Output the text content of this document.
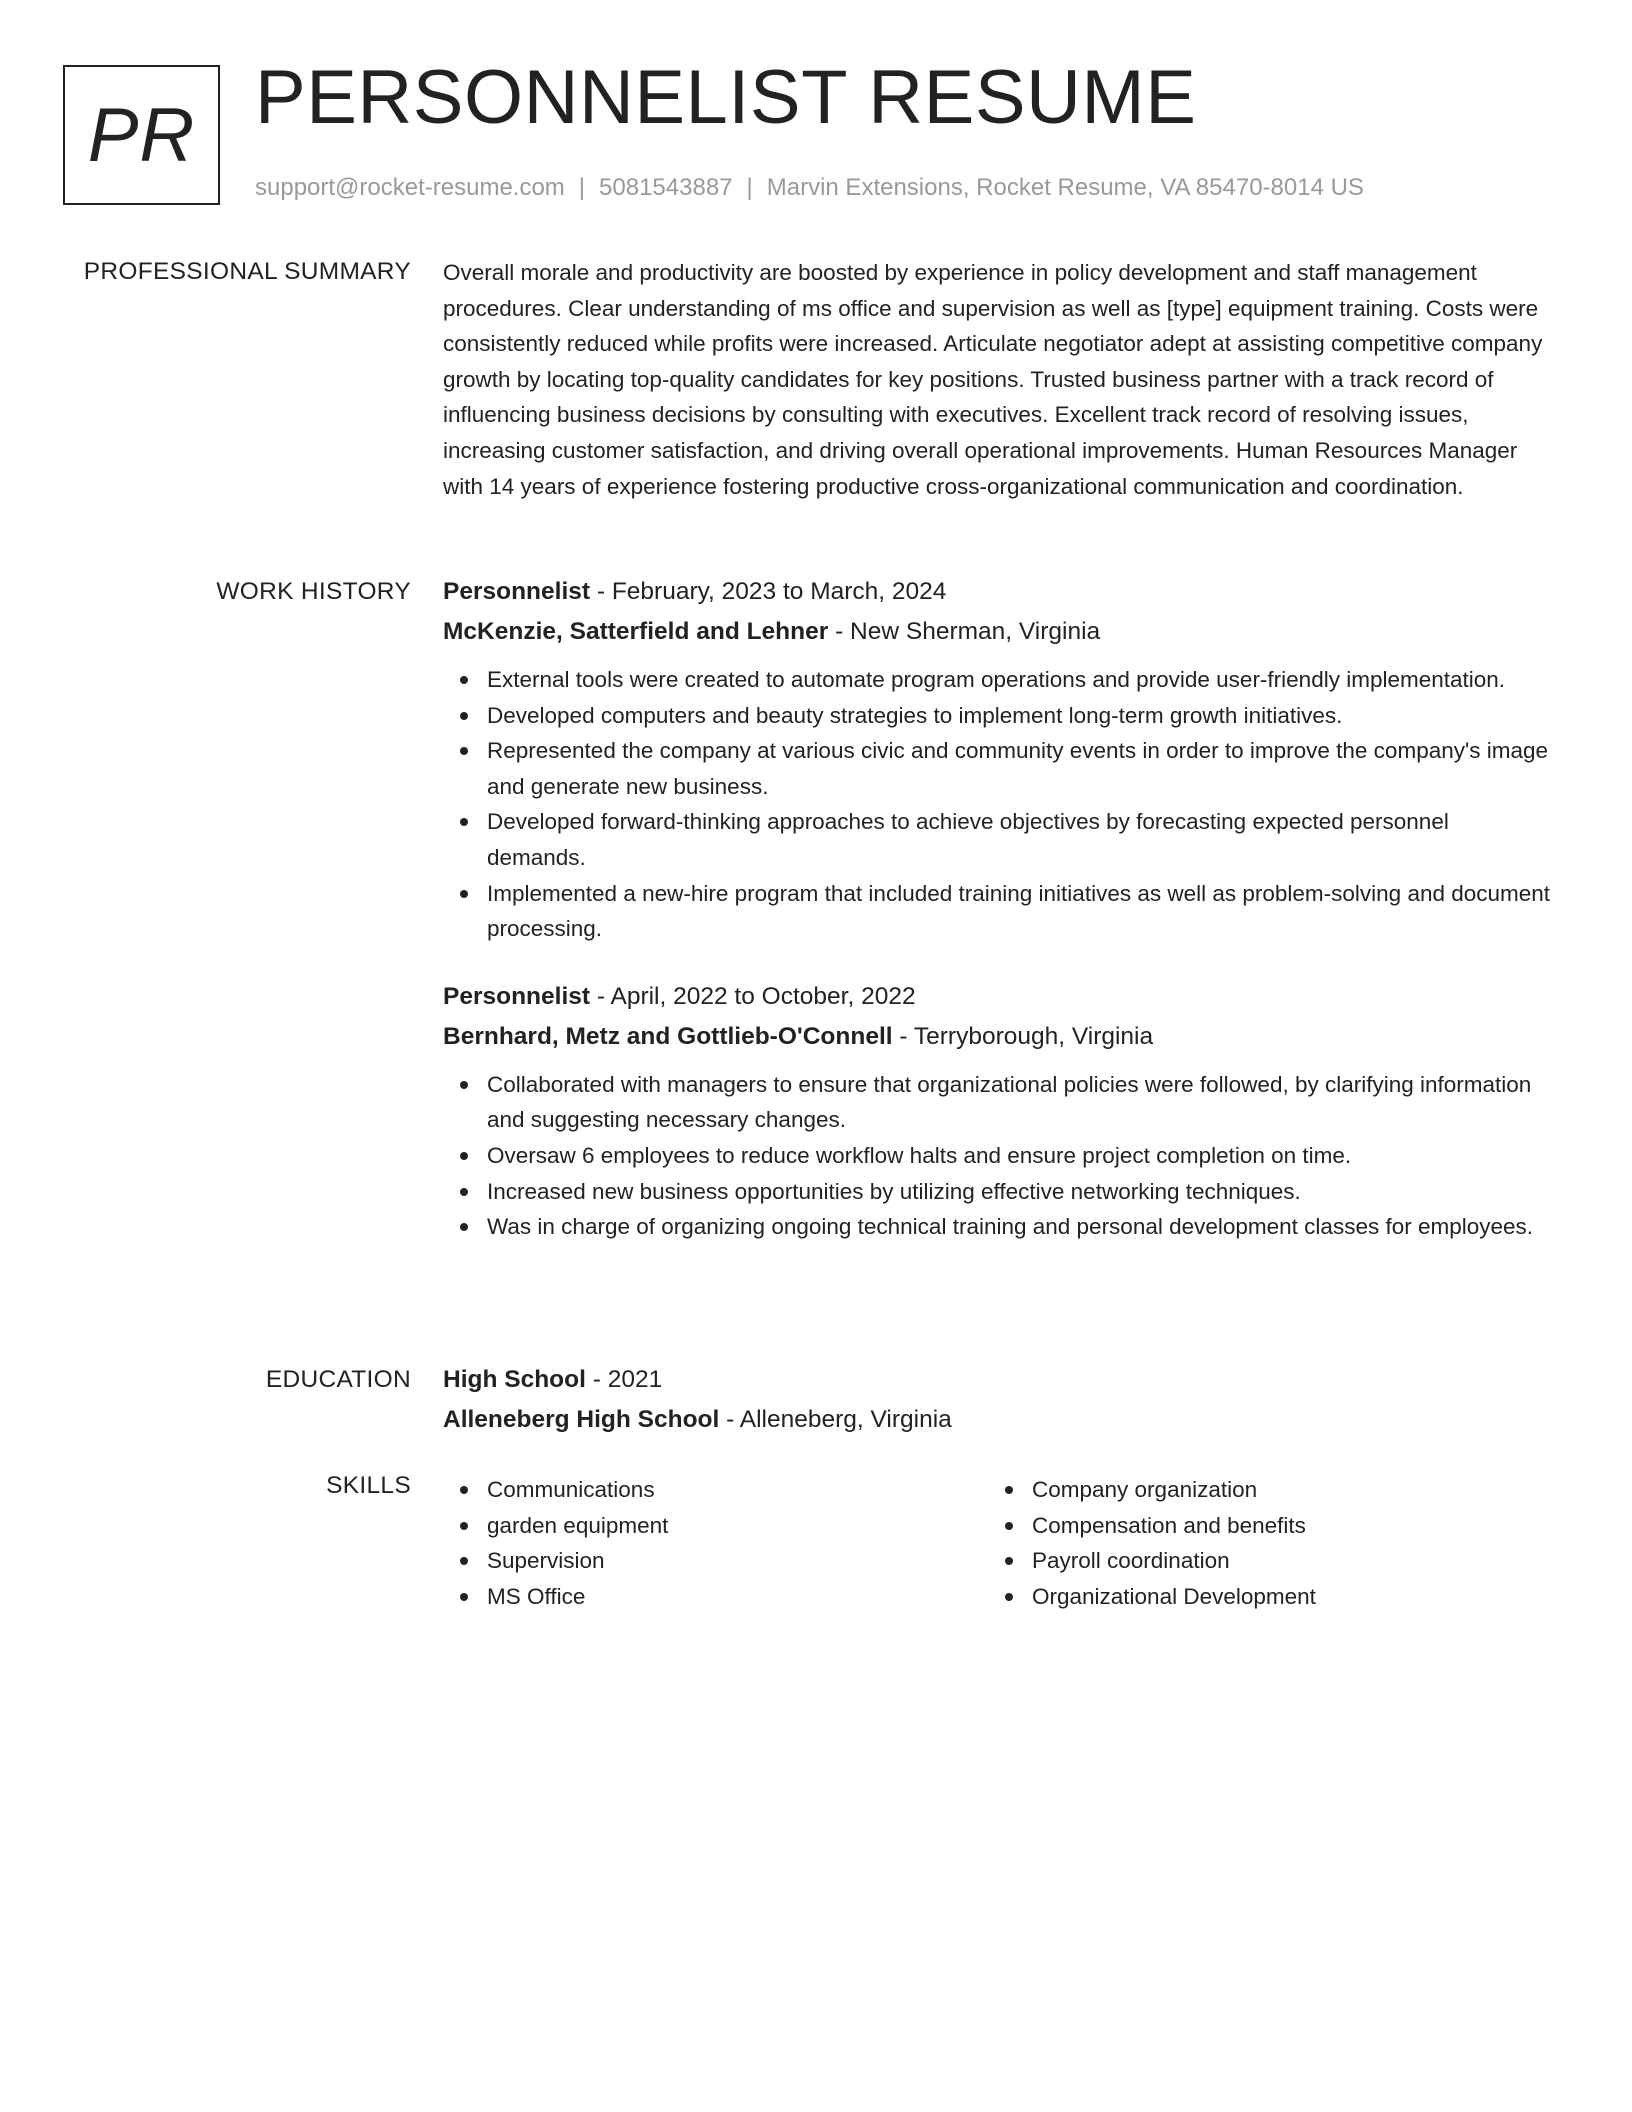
PR PERSONNELIST RESUME
support@rocket-resume.com | 5081543887 | Marvin Extensions, Rocket Resume, VA 85470-8014 US
PROFESSIONAL SUMMARY Overall morale and productivity are boosted by experience in policy development and staff management procedures. Clear understanding of ms office and supervision as well as [type] equipment training. Costs were consistently reduced while profits were increased. Articulate negotiator adept at assisting competitive company growth by locating top-quality candidates for key positions. Trusted business partner with a track record of influencing business decisions by consulting with executives. Excellent track record of resolving issues, increasing customer satisfaction, and driving overall operational improvements. Human Resources Manager with 14 years of experience fostering productive cross-organizational communication and coordination.

WORK HISTORY Personnelist - February, 2023 to March, 2024
McKenzie, Satterfield and Lehner - New Sherman, Virginia
External tools were created to automate program operations and provide user-friendly implementation.
Developed computers and beauty strategies to implement long-term growth initiatives.
Represented the company at various civic and community events in order to improve the company's image and generate new business.
Developed forward-thinking approaches to achieve objectives by forecasting expected personnel demands.
Implemented a new-hire program that included training initiatives as well as problem-solving and document processing.
Personnelist - April, 2022 to October, 2022
Bernhard, Metz and Gottlieb-O'Connell - Terryborough, Virginia
Collaborated with managers to ensure that organizational policies were followed, by clarifying information and suggesting necessary changes.
Oversaw 6 employees to reduce workflow halts and ensure project completion on time.
Increased new business opportunities by utilizing effective networking techniques.
Was in charge of organizing ongoing technical training and personal development classes for employees.
EDUCATION High School - 2021
Alleneberg High School - Alleneberg, Virginia
SKILLS	Communications
garden equipment
Supervision
MS Office
Company organization
Compensation and benefits
Payroll coordination
Organizational Development
